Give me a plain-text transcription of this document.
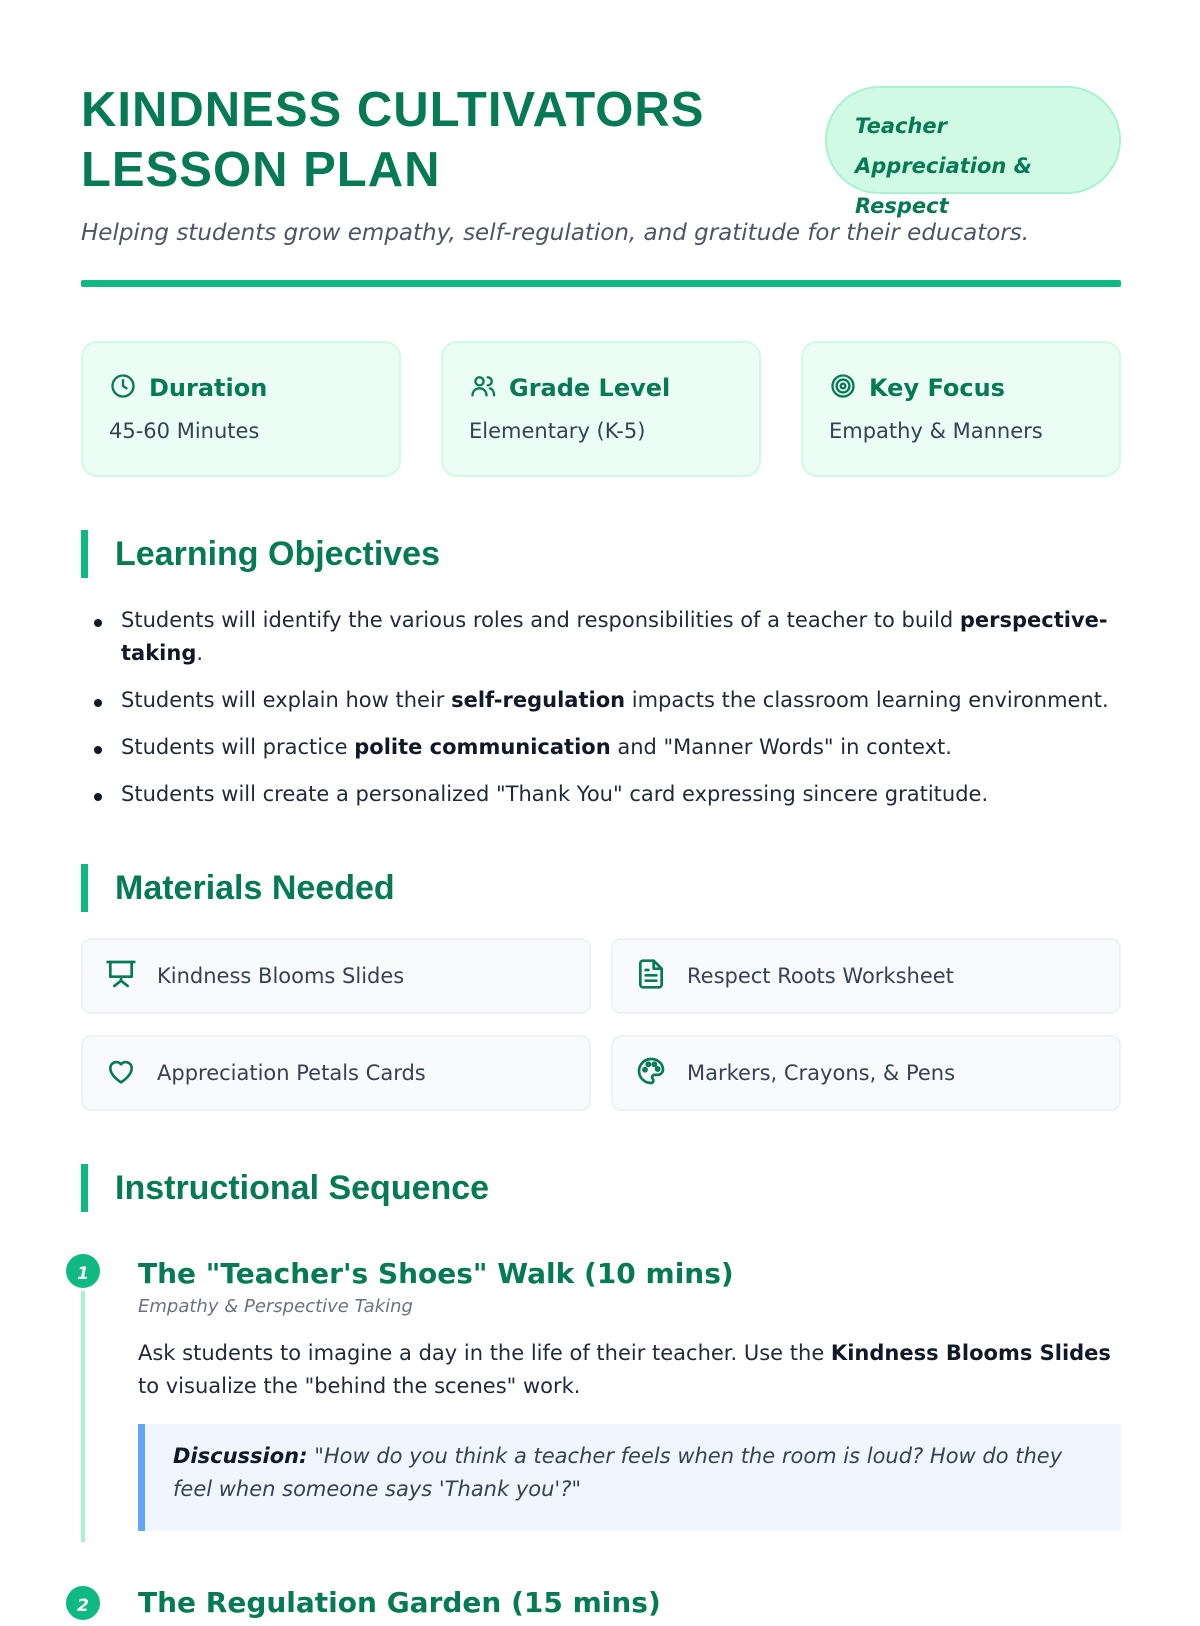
KINDNESS CULTIVATORS LESSON PLAN
Teacher Appreciation & Respect

Helping students grow empathy, self-regulation, and gratitude for their educators.

Duration
45-60 Minutes
Grade Level
Elementary (K-5)
Key Focus
Empathy & Manners
Learning Objectives
Students will identify the various roles and responsibilities of a teacher to build perspective-taking.
Students will explain how their self-regulation impacts the classroom learning environment.
Students will practice polite communication and "Manner Words" in context.
Students will create a personalized "Thank You" card expressing sincere gratitude.
Materials Needed
Kindness Blooms Slides	Respect Roots Worksheet
Appreciation Petals Cards	Markers, Crayons, & Pens
Instructional Sequence
1	The "Teacher's Shoes" Walk (10 mins)
Empathy & Perspective Taking

Ask students to imagine a day in the life of their teacher. Use the Kindness Blooms Slides to visualize the "behind the scenes" work.

Discussion: "How do you think a teacher feels when the room is loud? How do they feel when someone says 'Thank you'?"
2	The Regulation Garden (15 mins)
